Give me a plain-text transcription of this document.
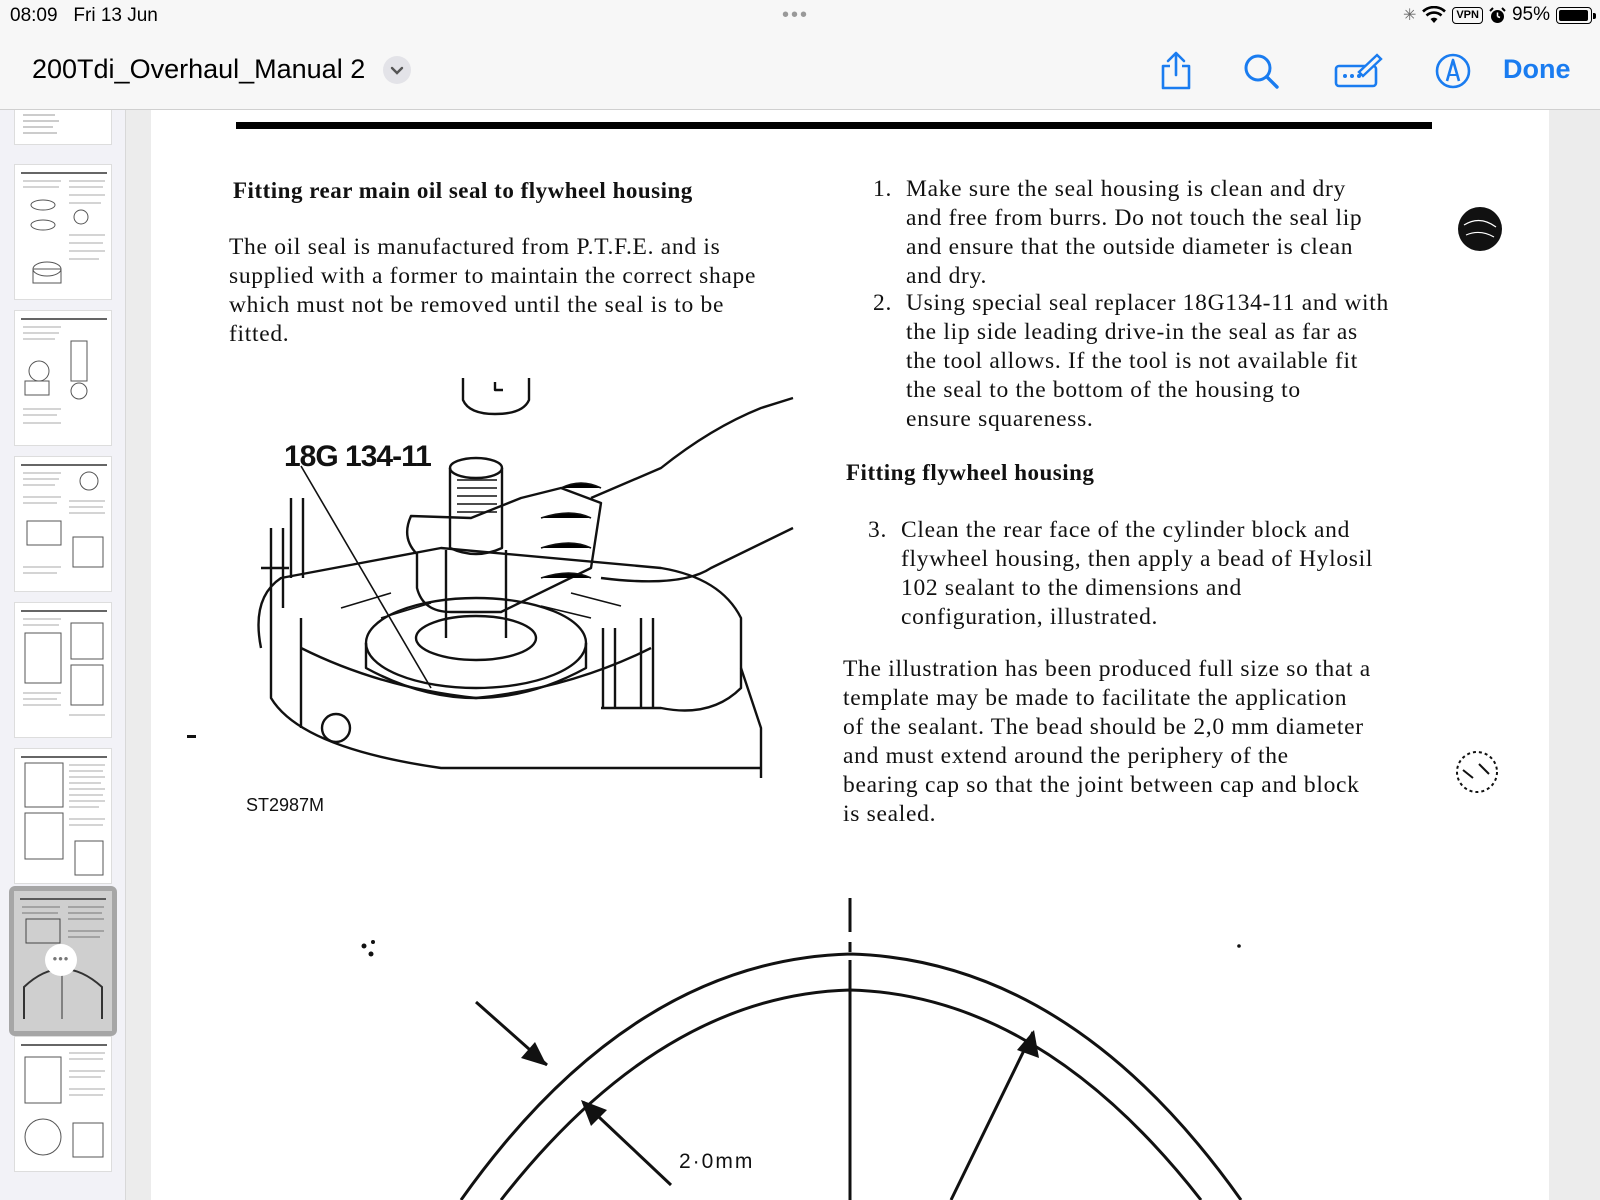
08:09 Fri 13 Jun	•••	✳	VPN 95%
200Tdi_Overhaul_Manual 2	Done
•••
Fitting rear main oil seal to flywheel housing
The oil seal is manufactured from P.T.F.E. and is
supplied with a former to maintain the correct shape
which must not be removed until the seal is to be
fitted.
18G 134-11
ST2987M
1. Make sure the seal housing is clean and dry
and free from burrs. Do not touch the seal lip
and ensure that the outside diameter is clean
and dry.
2. Using special seal replacer 18G134-11 and with
the lip side leading drive-in the seal as far as
the tool allows. If the tool is not available fit
the seal to the bottom of the housing to
ensure squareness.
Fitting flywheel housing
3. Clean the rear face of the cylinder block and
flywheel housing, then apply a bead of Hylosil
102 sealant to the dimensions and
configuration, illustrated.
The illustration has been produced full size so that a
template may be made to facilitate the application
of the sealant. The bead should be 2,0 mm diameter
and must extend around the periphery of the
bearing cap so that the joint between cap and block
is sealed.
2·0mm
